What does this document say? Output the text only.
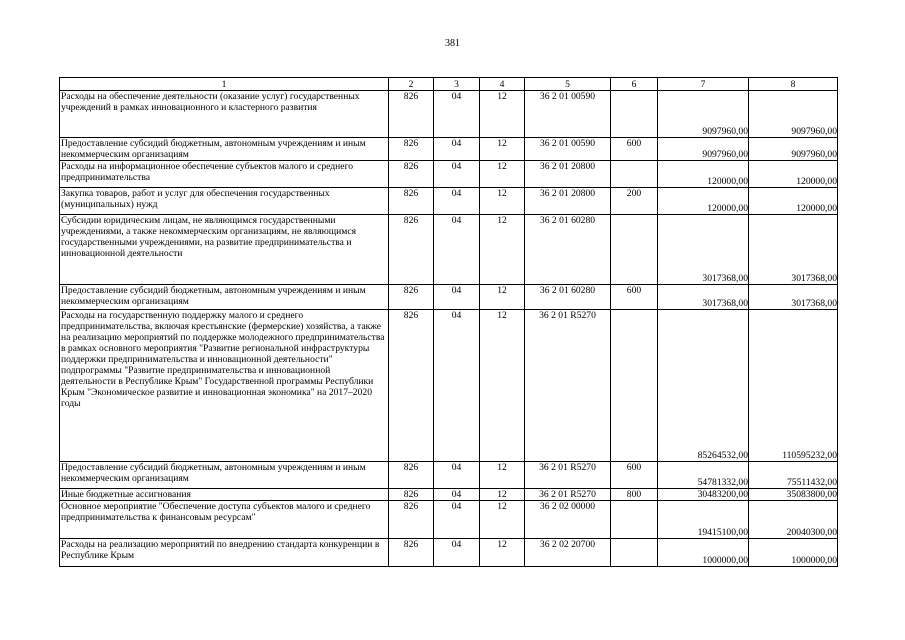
381
1	2	3	4	5	6	7	8
Расходы на обеспечение деятельности (оказание услуг) государственных учреждений в рамках инновационного и кластерного развития	826	04	12	36 2 01 00590		9097960,00	9097960,00
Предоставление субсидий бюджетным, автономным учреждениям и иным некоммерческим организациям	826	04	12	36 2 01 00590	600	9097960,00	9097960,00
Расходы на информационное обеспечение субъектов малого и среднего предпринимательства	826	04	12	36 2 01 20800		120000,00	120000,00
Закупка товаров, работ и услуг для обеспечения государственных (муниципальных) нужд	826	04	12	36 2 01 20800	200	120000,00	120000,00
Субсидии юридическим лицам, не являющимся государственными учреждениями, а также некоммерческим организациям, не являющимся государственными учреждениями, на развитие предпринимательства и инновационной деятельности	826	04	12	36 2 01 60280		3017368,00	3017368,00
Предоставление субсидий бюджетным, автономным учреждениям и иным некоммерческим организациям	826	04	12	36 2 01 60280	600	3017368,00	3017368,00
Расходы на государственную поддержку малого и среднего предпринимательства, включая крестьянские (фермерские) хозяйства, а также на реализацию мероприятий по поддержке молодежного предпринимательства в рамках основного мероприятия "Развитие региональной инфраструктуры поддержки предпринимательства и инновационной деятельности" подпрограммы "Развитие предпринимательства и инновационной деятельности в Республике Крым" Государственной программы Республики Крым "Экономическое развитие и инновационная экономика" на 2017–2020 годы	826	04	12	36 2 01 R5270		85264532,00	110595232,00
Предоставление субсидий бюджетным, автономным учреждениям и иным некоммерческим организациям	826	04	12	36 2 01 R5270	600	54781332,00	75511432,00
Иные бюджетные ассигнования	826	04	12	36 2 01 R5270	800	30483200,00	35083800,00
Основное мероприятие "Обеспечение доступа субъектов малого и среднего предпринимательства к финансовым ресурсам"	826	04	12	36 2 02 00000		19415100,00	20040300,00
Расходы на реализацию мероприятий по внедрению стандарта конкуренции в Республике Крым	826	04	12	36 2 02 20700		1000000,00	1000000,00
